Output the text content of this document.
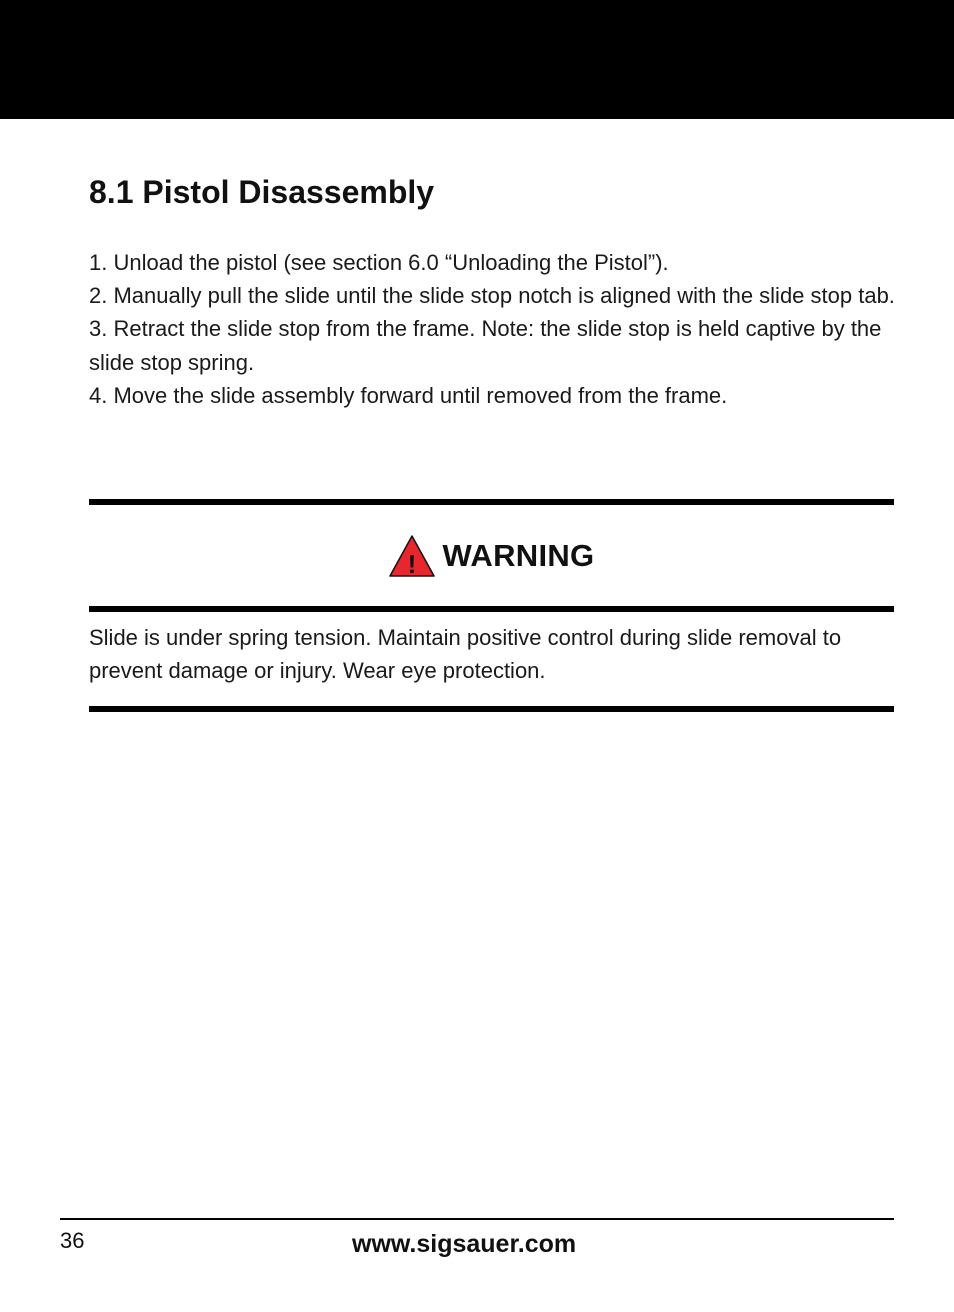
8.1 Pistol Disassembly
1. Unload the pistol (see section 6.0 “Unloading the Pistol”).
2. Manually pull the slide until the slide stop notch is aligned with the slide stop tab.
3. Retract the slide stop from the frame. Note: the slide stop is held captive by the slide stop spring.
4. Move the slide assembly forward until removed from the frame.
! WARNING

Slide is under spring tension. Maintain positive control during slide removal to prevent damage or injury. Wear eye protection.

36	www.sigsauer.com
